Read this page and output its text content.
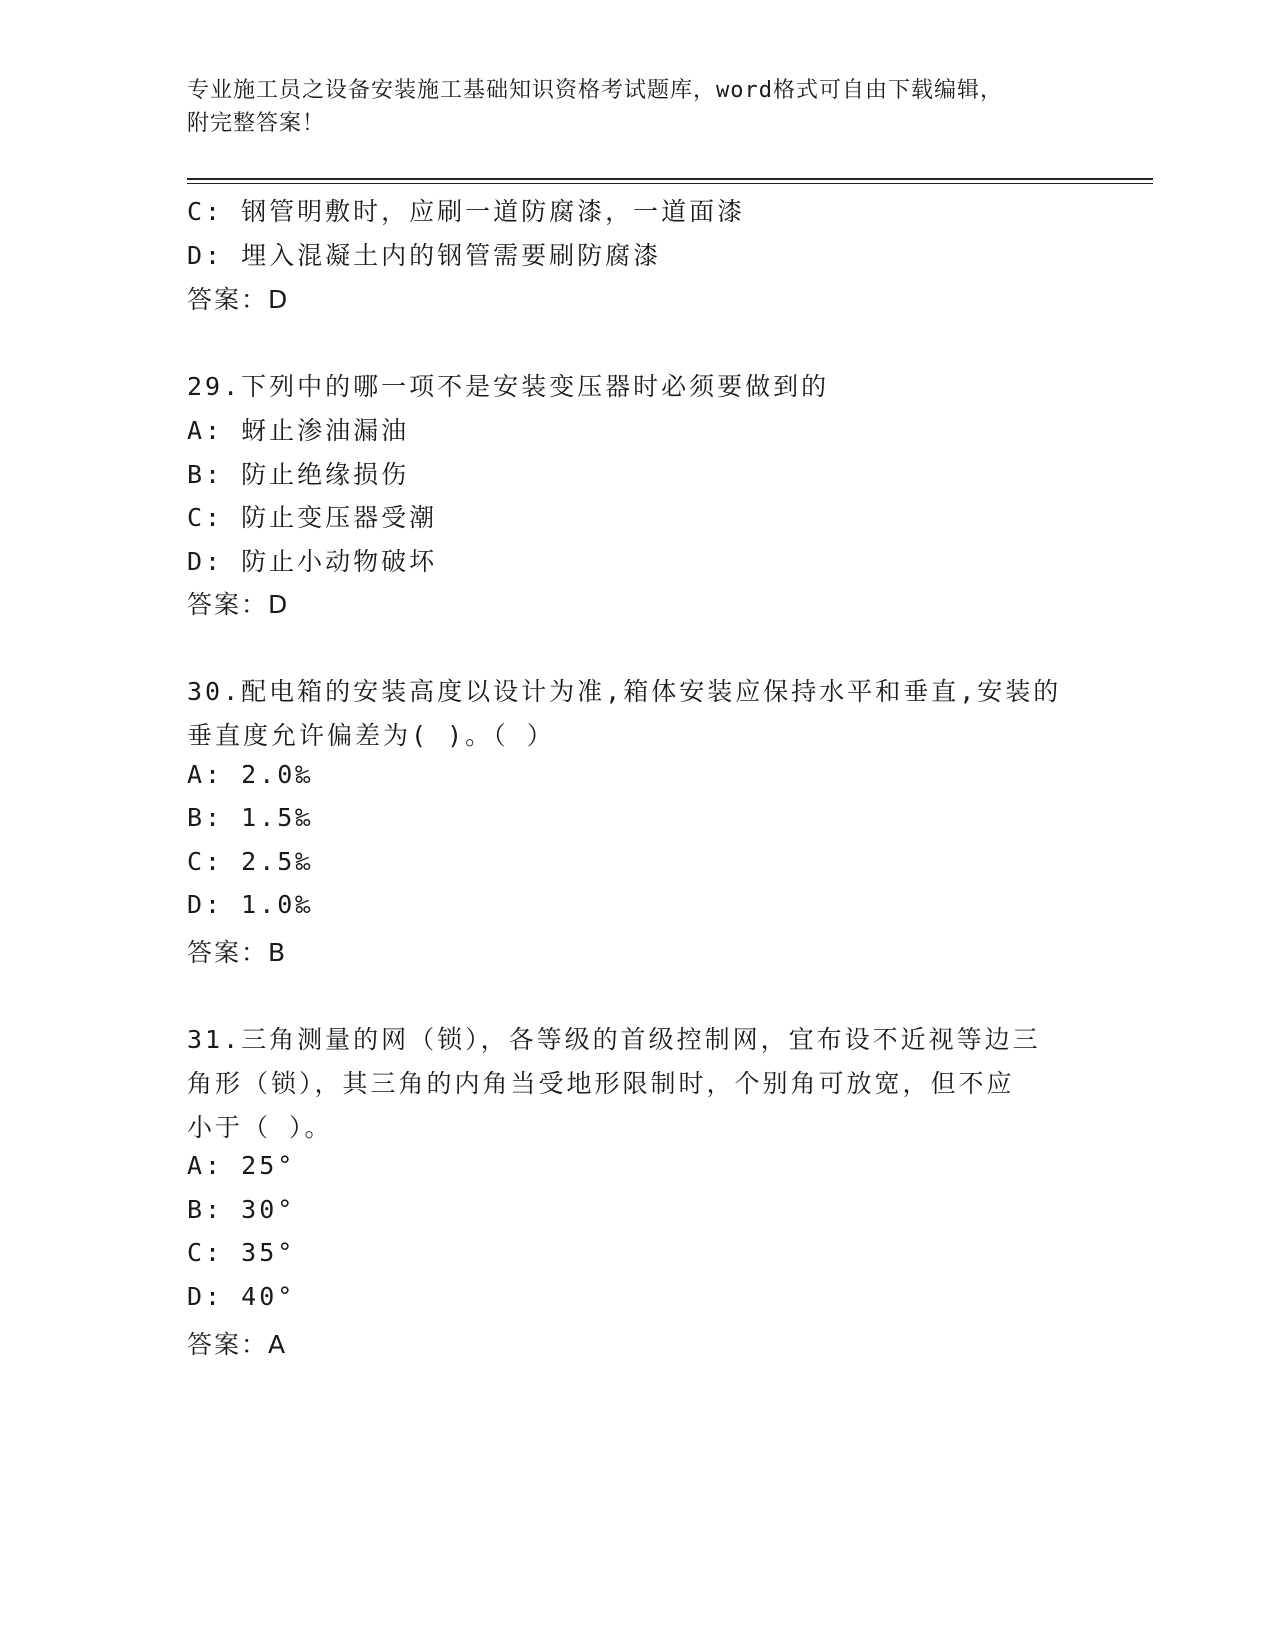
专业施工员之设备安装施工基础知识资格考试题库，word格式可自由下载编辑，
附完整答案！
C: 钢管明敷时，应刷一道防腐漆，一道面漆
D: 埋入混凝土内的钢管需要刷防腐漆
答案：D
29.下列中的哪一项不是安装变压器时必须要做到的
A: 蚜止渗油漏油
B: 防止绝缘损伤
C: 防止变压器受潮
D: 防止小动物破坏
答案：D
30.配电箱的安装高度以设计为准,箱体安装应保持水平和垂直,安装的
垂直度允许偏差为( )。（ ）
A: 2.0‰
B: 1.5‰
C: 2.5‰
D: 1.0‰
答案：B
31.三角测量的网（锁），各等级的首级控制网，宜布设不近视等边三
角形（锁），其三角的内角当受地形限制时，个别角可放宽，但不应
小于（ ）。
A: 25°
B: 30°
C: 35°
D: 40°
答案：A
